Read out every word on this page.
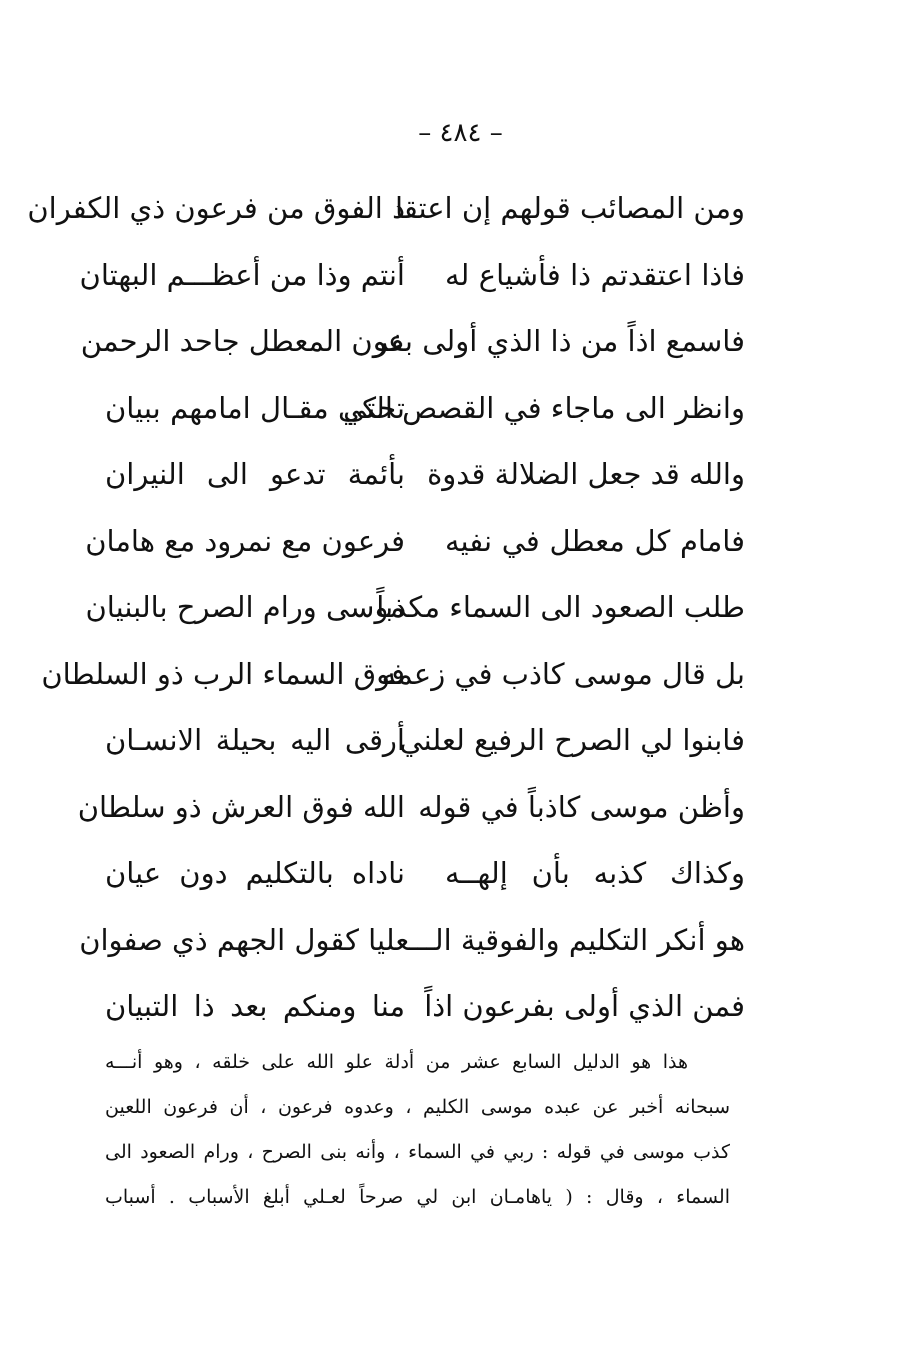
– ٤٨٤ –
ومن المصائب قولهم إن اعتقا
د الفوق من فرعون ذي الكفران
فاذا اعتقدتم ذا فأشياع له
أنتم وذا من أعظـــم البهتان
فاسمع اذاً من ذا الذي أولى بفر
عون المعطل جاحد الرحمن
وانظر الى ماجاء في القصص التي
تحكي مقـال امامهم ببيان
والله قد جعل الضلالة قدوة
بأئمة تدعو الى النيران
فامام كل معطل في نفيه
فرعون مع نمرود مع هامان
طلب الصعود الى السماء مكذباً
موسى ورام الصرح بالبنيان
بل قال موسى كاذب في زعمه
فوق السماء الرب ذو السلطان
فابنوا لي الصرح الرفيع لعلني
أرقى اليه بحيلة الانسـان
وأظن موسى كاذباً في قوله
الله فوق العرش ذو سلطان
وكذاك كذبه بأن إلهــه
ناداه بالتكليم دون عيان
هو أنكر التكليم والفوقية الـــعليا كقول الجهم ذي صفوان
فمن الذي أولى بفرعون اذاً
منا ومنكم بعد ذا التبيان
هذا هو الدليل السابع عشر من أدلة علو الله على خلقه ، وهو أنـــه
سبحانه أخبر عن عبده موسى الكليم ، وعدوه فرعون ، أن فرعون اللعين
كذب موسى في قوله : ربي في السماء ، وأنه بنى الصرح ، ورام الصعود الى
السماء ، وقال : ( ياهامـان ابن لي صرحاً لعـلي أبلغ الأسباب . أسباب
